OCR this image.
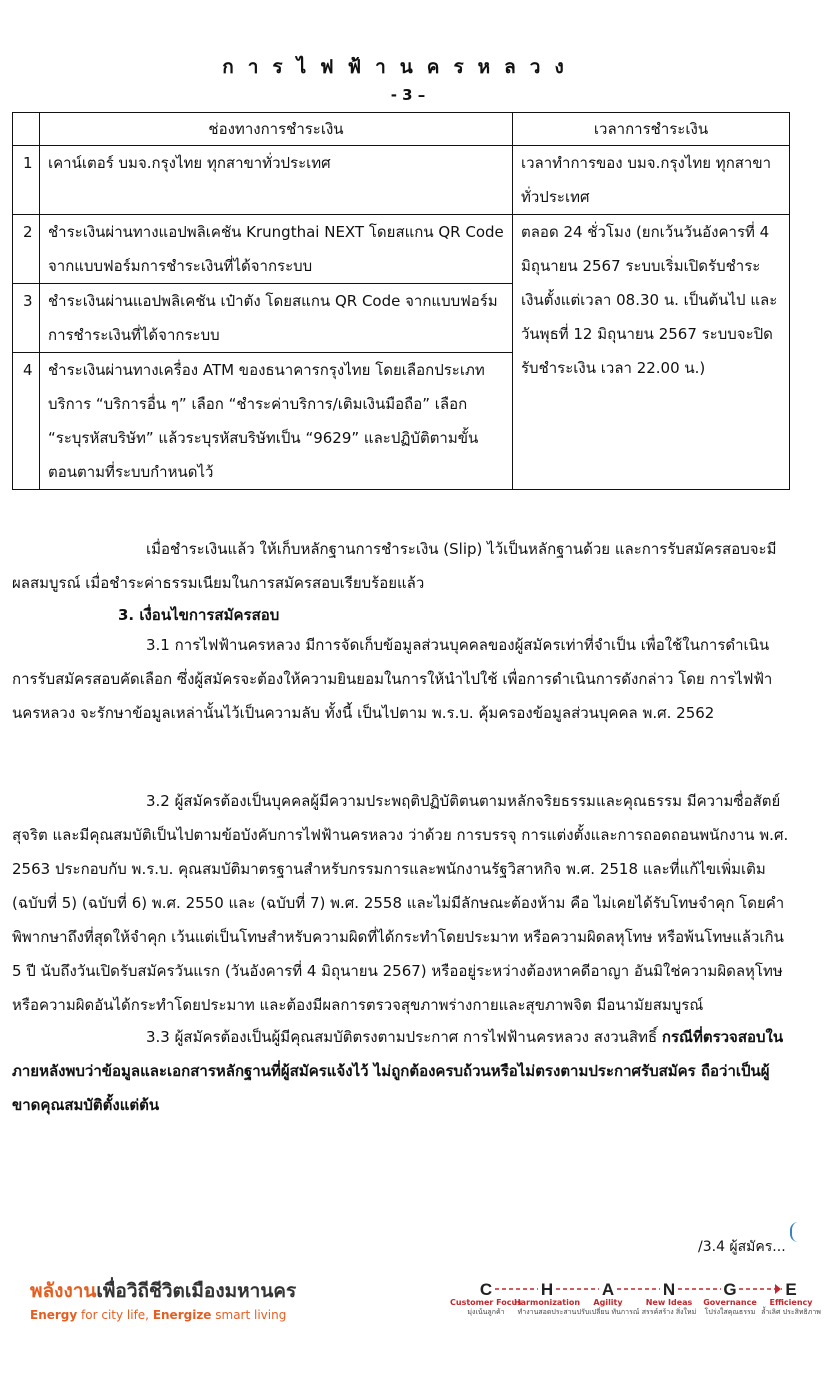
การไฟฟ้านครหลวง
- 3 –
	ช่องทางการชำระเงิน	เวลาการชำระเงิน
1	เคาน์เตอร์ บมจ.กรุงไทย ทุกสาขาทั่วประเทศ	เวลาทำการของ บมจ.กรุงไทย ทุกสาขาทั่วประเทศ
2	ชำระเงินผ่านทางแอปพลิเคชัน Krungthai NEXT โดยสแกน QR Code จากแบบฟอร์มการชำระเงินที่ได้จากระบบ	ตลอด 24 ชั่วโมง (ยกเว้นวันอังคารที่ 4 มิถุนายน 2567 ระบบเริ่มเปิดรับชำระเงินตั้งแต่เวลา 08.30 น. เป็นต้นไป และวันพุธที่ 12 มิถุนายน 2567 ระบบจะปิดรับชำระเงิน เวลา 22.00 น.)
3	ชำระเงินผ่านแอปพลิเคชัน เป๋าตัง โดยสแกน QR Code จากแบบฟอร์มการชำระเงินที่ได้จากระบบ	
4	ชำระเงินผ่านทางเครื่อง ATM ของธนาคารกรุงไทย โดยเลือกประเภทบริการ “บริการอื่น ๆ” เลือก “ชำระค่าบริการ/เติมเงินมือถือ” เลือก “ระบุรหัสบริษัท” แล้วระบุรหัสบริษัทเป็น “9629” และปฏิบัติตามขั้นตอนตามที่ระบบกำหนดไว้	

เมื่อชำระเงินแล้ว ให้เก็บหลักฐานการชำระเงิน (Slip) ไว้เป็นหลักฐานด้วย และการรับสมัครสอบจะมีผลสมบูรณ์ เมื่อชำระค่าธรรมเนียมในการสมัครสอบเรียบร้อยแล้ว

3. เงื่อนไขการสมัครสอบ

3.1 การไฟฟ้านครหลวง มีการจัดเก็บข้อมูลส่วนบุคคลของผู้สมัครเท่าที่จำเป็น เพื่อใช้ในการดำเนินการรับสมัครสอบคัดเลือก ซึ่งผู้สมัครจะต้องให้ความยินยอมในการให้นำไปใช้ เพื่อการดำเนินการดังกล่าว โดย การไฟฟ้านครหลวง จะรักษาข้อมูลเหล่านั้นไว้เป็นความลับ ทั้งนี้ เป็นไปตาม พ.ร.บ. คุ้มครองข้อมูลส่วนบุคคล พ.ศ. 2562

3.2 ผู้สมัครต้องเป็นบุคคลผู้มีความประพฤติปฏิบัติตนตามหลักจริยธรรมและคุณธรรม มีความซื่อสัตย์สุจริต และมีคุณสมบัติเป็นไปตามข้อบังคับการไฟฟ้านครหลวง ว่าด้วย การบรรจุ การแต่งตั้งและการถอดถอนพนักงาน พ.ศ. 2563 ประกอบกับ พ.ร.บ. คุณสมบัติมาตรฐานสำหรับกรรมการและพนักงานรัฐวิสาหกิจ พ.ศ. 2518 และที่แก้ไขเพิ่มเติม (ฉบับที่ 5) (ฉบับที่ 6) พ.ศ. 2550 และ (ฉบับที่ 7) พ.ศ. 2558 และไม่มีลักษณะต้องห้าม คือ ไม่เคยได้รับโทษจำคุก โดยคำพิพากษาถึงที่สุดให้จำคุก เว้นแต่เป็นโทษสำหรับความผิดที่ได้กระทำโดยประมาท หรือความผิดลหุโทษ หรือพ้นโทษแล้วเกิน 5 ปี นับถึงวันเปิดรับสมัครวันแรก (วันอังคารที่ 4 มิถุนายน 2567) หรืออยู่ระหว่างต้องหาคดีอาญา อันมิใช่ความผิดลหุโทษ หรือความผิดอันได้กระทำโดยประมาท และต้องมีผลการตรวจสุขภาพร่างกายและสุขภาพจิต มีอนามัยสมบูรณ์

3.3 ผู้สมัครต้องเป็นผู้มีคุณสมบัติตรงตามประกาศ การไฟฟ้านครหลวง สงวนสิทธิ์ กรณีที่ตรวจสอบในภายหลังพบว่าข้อมูลและเอกสารหลักฐานที่ผู้สมัครแจ้งไว้ ไม่ถูกต้องครบถ้วนหรือไม่ตรงตามประกาศรับสมัคร ถือว่าเป็นผู้ขาดคุณสมบัติตั้งแต่ต้น

/3.4 ผู้สมัคร...
พลังงานเพื่อวิถีชีวิตเมืองมหานคร
Energy for city life, Energize smart living
C	H	A	N	G	E
Customer Focus
มุ่งเน้นลูกค้า
Harmonization
ทำงานสอดประสาน
Agility
ปรับเปลี่ยน ทันการณ์
New Ideas
สรรค์สร้าง สิ่งใหม่
Governance
โปร่งใสคุณธรรม
Efficiency
ล้ำเลิศ ประสิทธิภาพ
